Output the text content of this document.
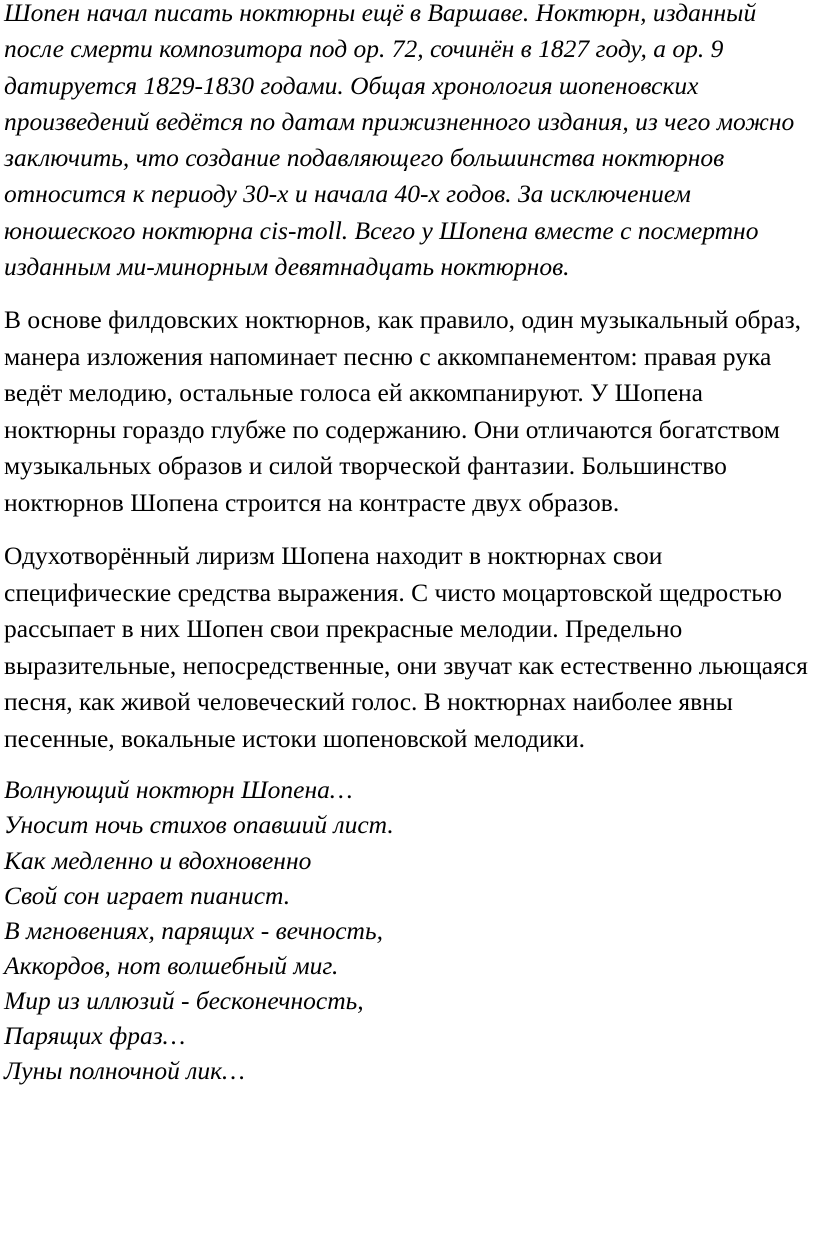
Шопен начал писать ноктюрны ещё в Варшаве. Ноктюрн, изданный после смерти композитора под ор. 72, сочинён в 1827 году, а ор. 9 датируется 1829-1830 годами. Общая хронология шопеновских произведений ведётся по датам прижизненного издания, из чего можно заключить, что создание подавляющего большинства ноктюрнов относится к периоду 30-х и начала 40-х годов. За исключением юношеского ноктюрна cis-moll. Всего у Шопена вместе с посмертно изданным ми-минорным девятнадцать ноктюрнов.

В основе филдовских ноктюрнов, как правило, один музыкальный образ, манера изложения напоминает песню с аккомпанементом: правая рука ведёт мелодию, остальные голоса ей аккомпанируют. У Шопена ноктюрны гораздо глубже по содержанию. Они отличаются богатством музыкальных образов и силой творческой фантазии. Большинство ноктюрнов Шопена строится на контрасте двух образов.

Одухотворённый лиризм Шопена находит в ноктюрнах свои специфические средства выражения. С чисто моцартовской щедростью рассыпает в них Шопен свои прекрасные мелодии. Предельно выразительные, непосредственные, они звучат как естественно льющаяся песня, как живой человеческий голос. В ноктюрнах наиболее явны песенные, вокальные истоки шопеновской мелодики.

Волнующий ноктюрн Шопена…
Уносит ночь стихов опавший лист.
Как медленно и вдохновенно
Свой сон играет пианист.
В мгновениях, парящих - вечность,
Аккордов, нот волшебный миг.
Мир из иллюзий - бесконечность,
Парящих фраз…
Луны полночной лик…
